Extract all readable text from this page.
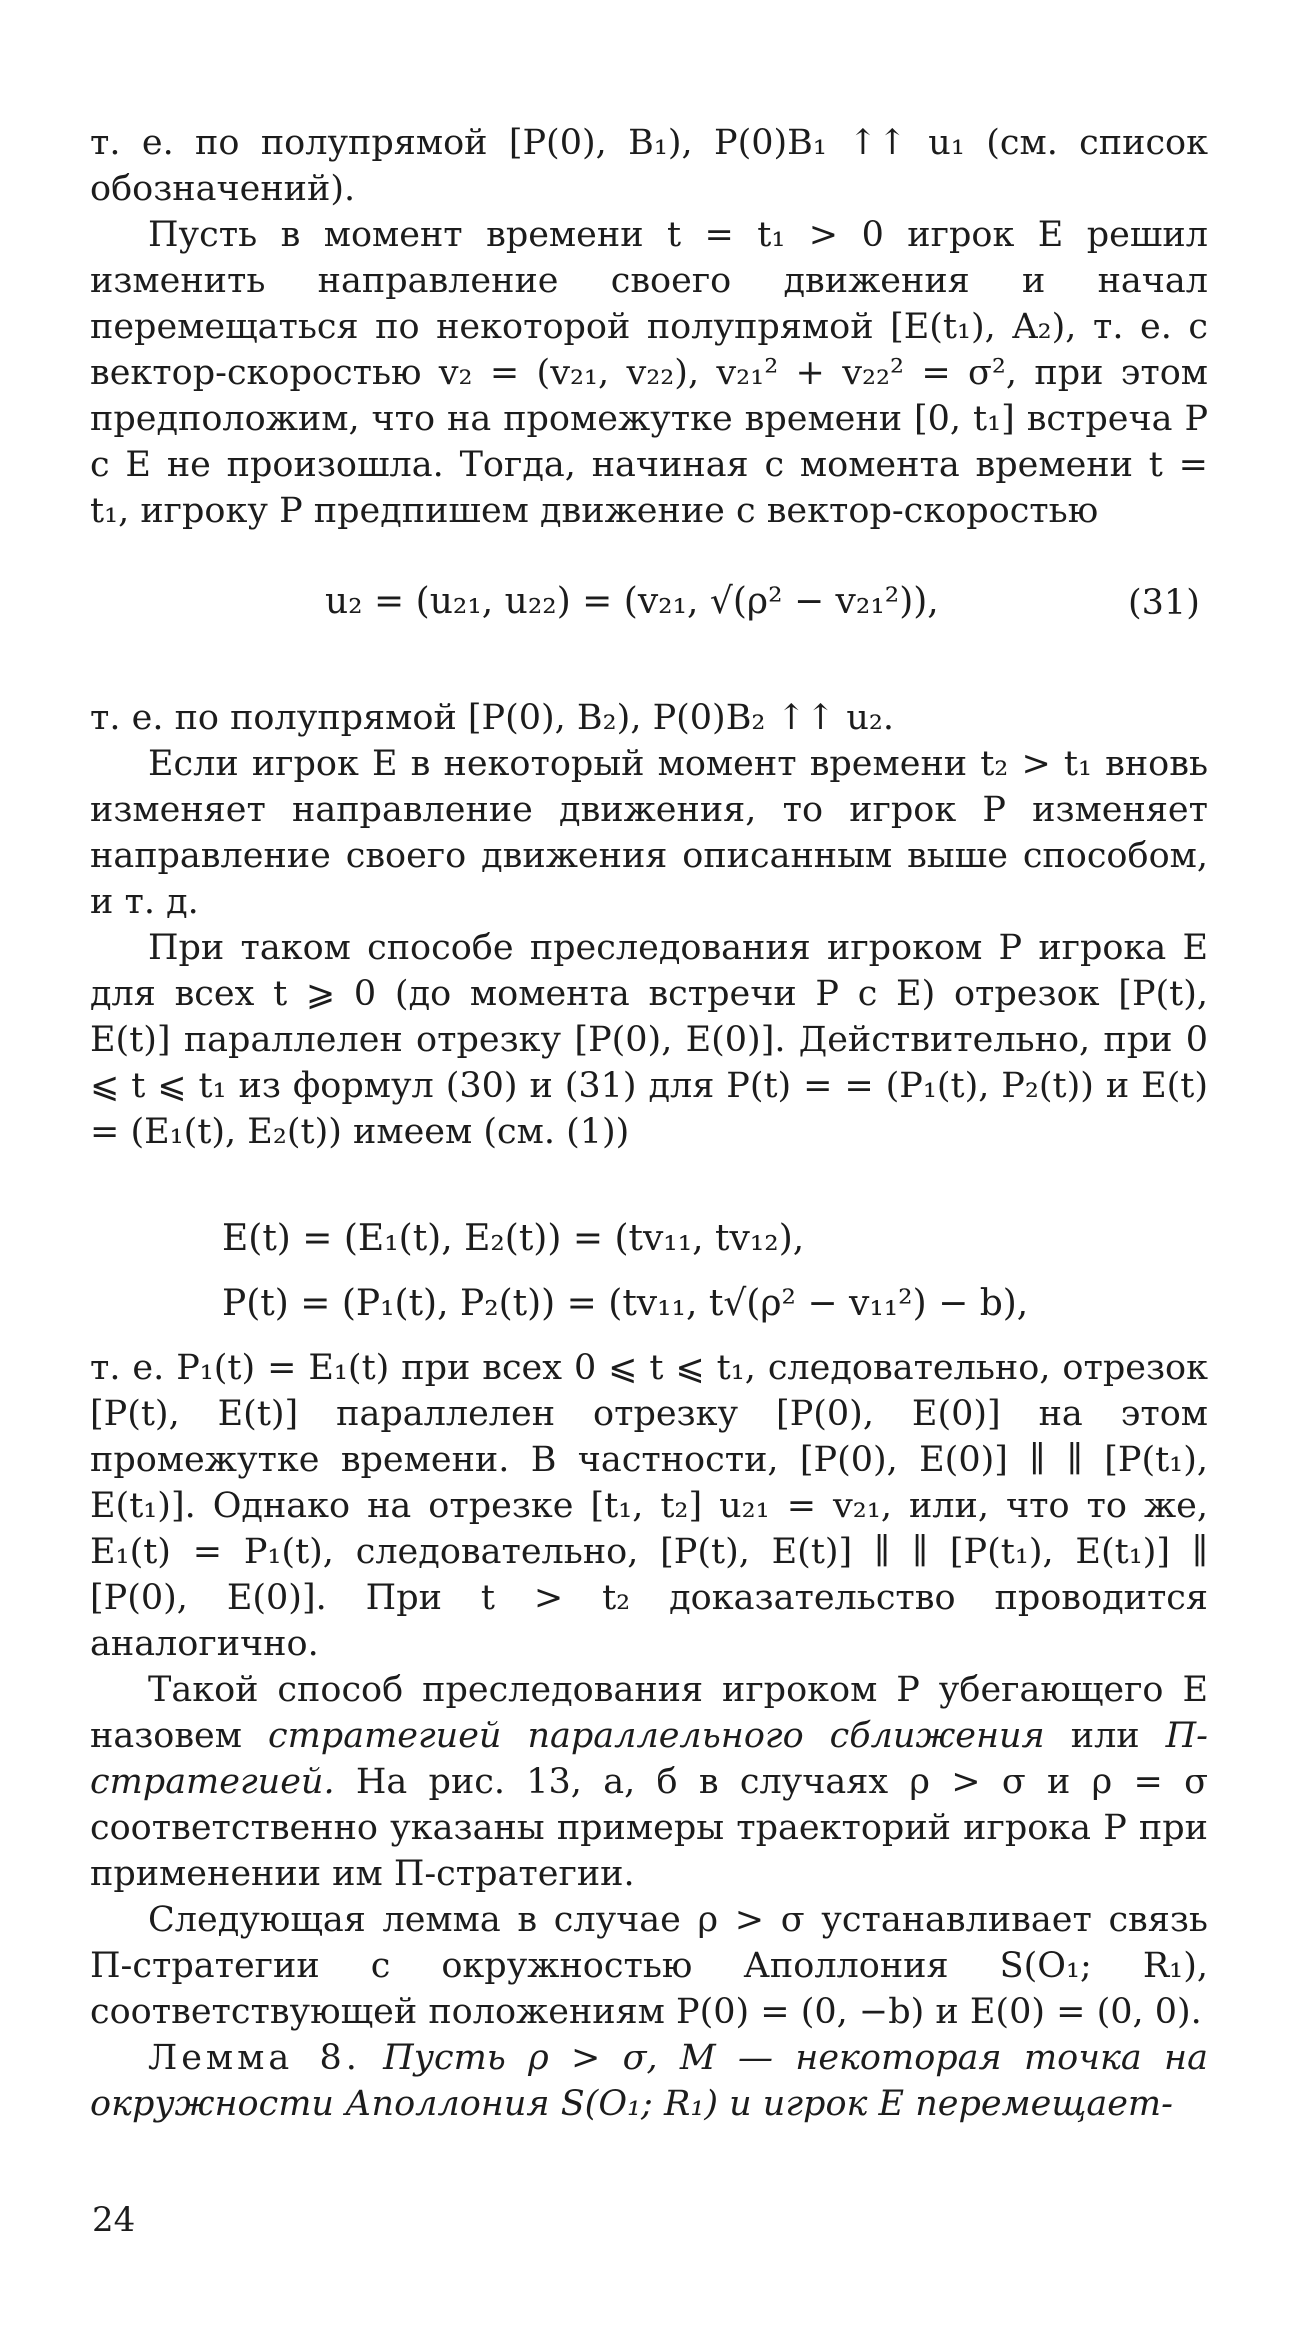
т. е. по полупрямой [P(0), B₁), P(0)B₁ ↑↑ u₁ (см. список обозначений).

Пусть в момент времени t = t₁ > 0 игрок E решил изменить направление своего движения и начал перемещаться по некоторой полупрямой [E(t₁), A₂), т. е. с вектор-скоростью v₂ = (v₂₁, v₂₂), v₂₁² + v₂₂² = σ², при этом предположим, что на промежутке времени [0, t₁] встреча P с E не произошла. Тогда, начиная с момента времени t = t₁, игроку P предпишем движение с вектор-скоростью

u₂ = (u₂₁, u₂₂) = (v₂₁, √(ρ² − v₂₁²)),	(31)

т. е. по полупрямой [P(0), B₂), P(0)B₂ ↑↑ u₂.

Если игрок E в некоторый момент времени t₂ > t₁ вновь изменяет направление движения, то игрок P изменяет направление своего движения описанным выше способом, и т. д.

При таком способе преследования игроком P игрока E для всех t ⩾ 0 (до момента встречи P с E) отрезок [P(t), E(t)] параллелен отрезку [P(0), E(0)]. Действительно, при 0 ⩽ t ⩽ t₁ из формул (30) и (31) для P(t) = = (P₁(t), P₂(t)) и E(t) = (E₁(t), E₂(t)) имеем (см. (1))

E(t) = (E₁(t), E₂(t)) = (tv₁₁, tv₁₂),
P(t) = (P₁(t), P₂(t)) = (tv₁₁, t√(ρ² − v₁₁²) − b),

т. е. P₁(t) = E₁(t) при всех 0 ⩽ t ⩽ t₁, следовательно, отрезок [P(t), E(t)] параллелен отрезку [P(0), E(0)] на этом промежутке времени. В частности, [P(0), E(0)] ∥ ∥ [P(t₁), E(t₁)]. Однако на отрезке [t₁, t₂] u₂₁ = v₂₁, или, что то же, E₁(t) = P₁(t), следовательно, [P(t), E(t)] ∥ ∥ [P(t₁), E(t₁)] ∥ [P(0), E(0)]. При t > t₂ доказательство проводится аналогично.

Такой способ преследования игроком P убегающего E назовем стратегией параллельного сближения или П-стратегией. На рис. 13, а, б в случаях ρ > σ и ρ = σ соответственно указаны примеры траекторий игрока P при применении им П-стратегии.

Следующая лемма в случае ρ > σ устанавливает связь П-стратегии с окружностью Аполлония S(O₁; R₁), соответствующей положениям P(0) = (0, −b) и E(0) = (0, 0).

Лемма 8. Пусть ρ > σ, M — некоторая точка на окружности Аполлония S(O₁; R₁) и игрок E перемещает-

24
